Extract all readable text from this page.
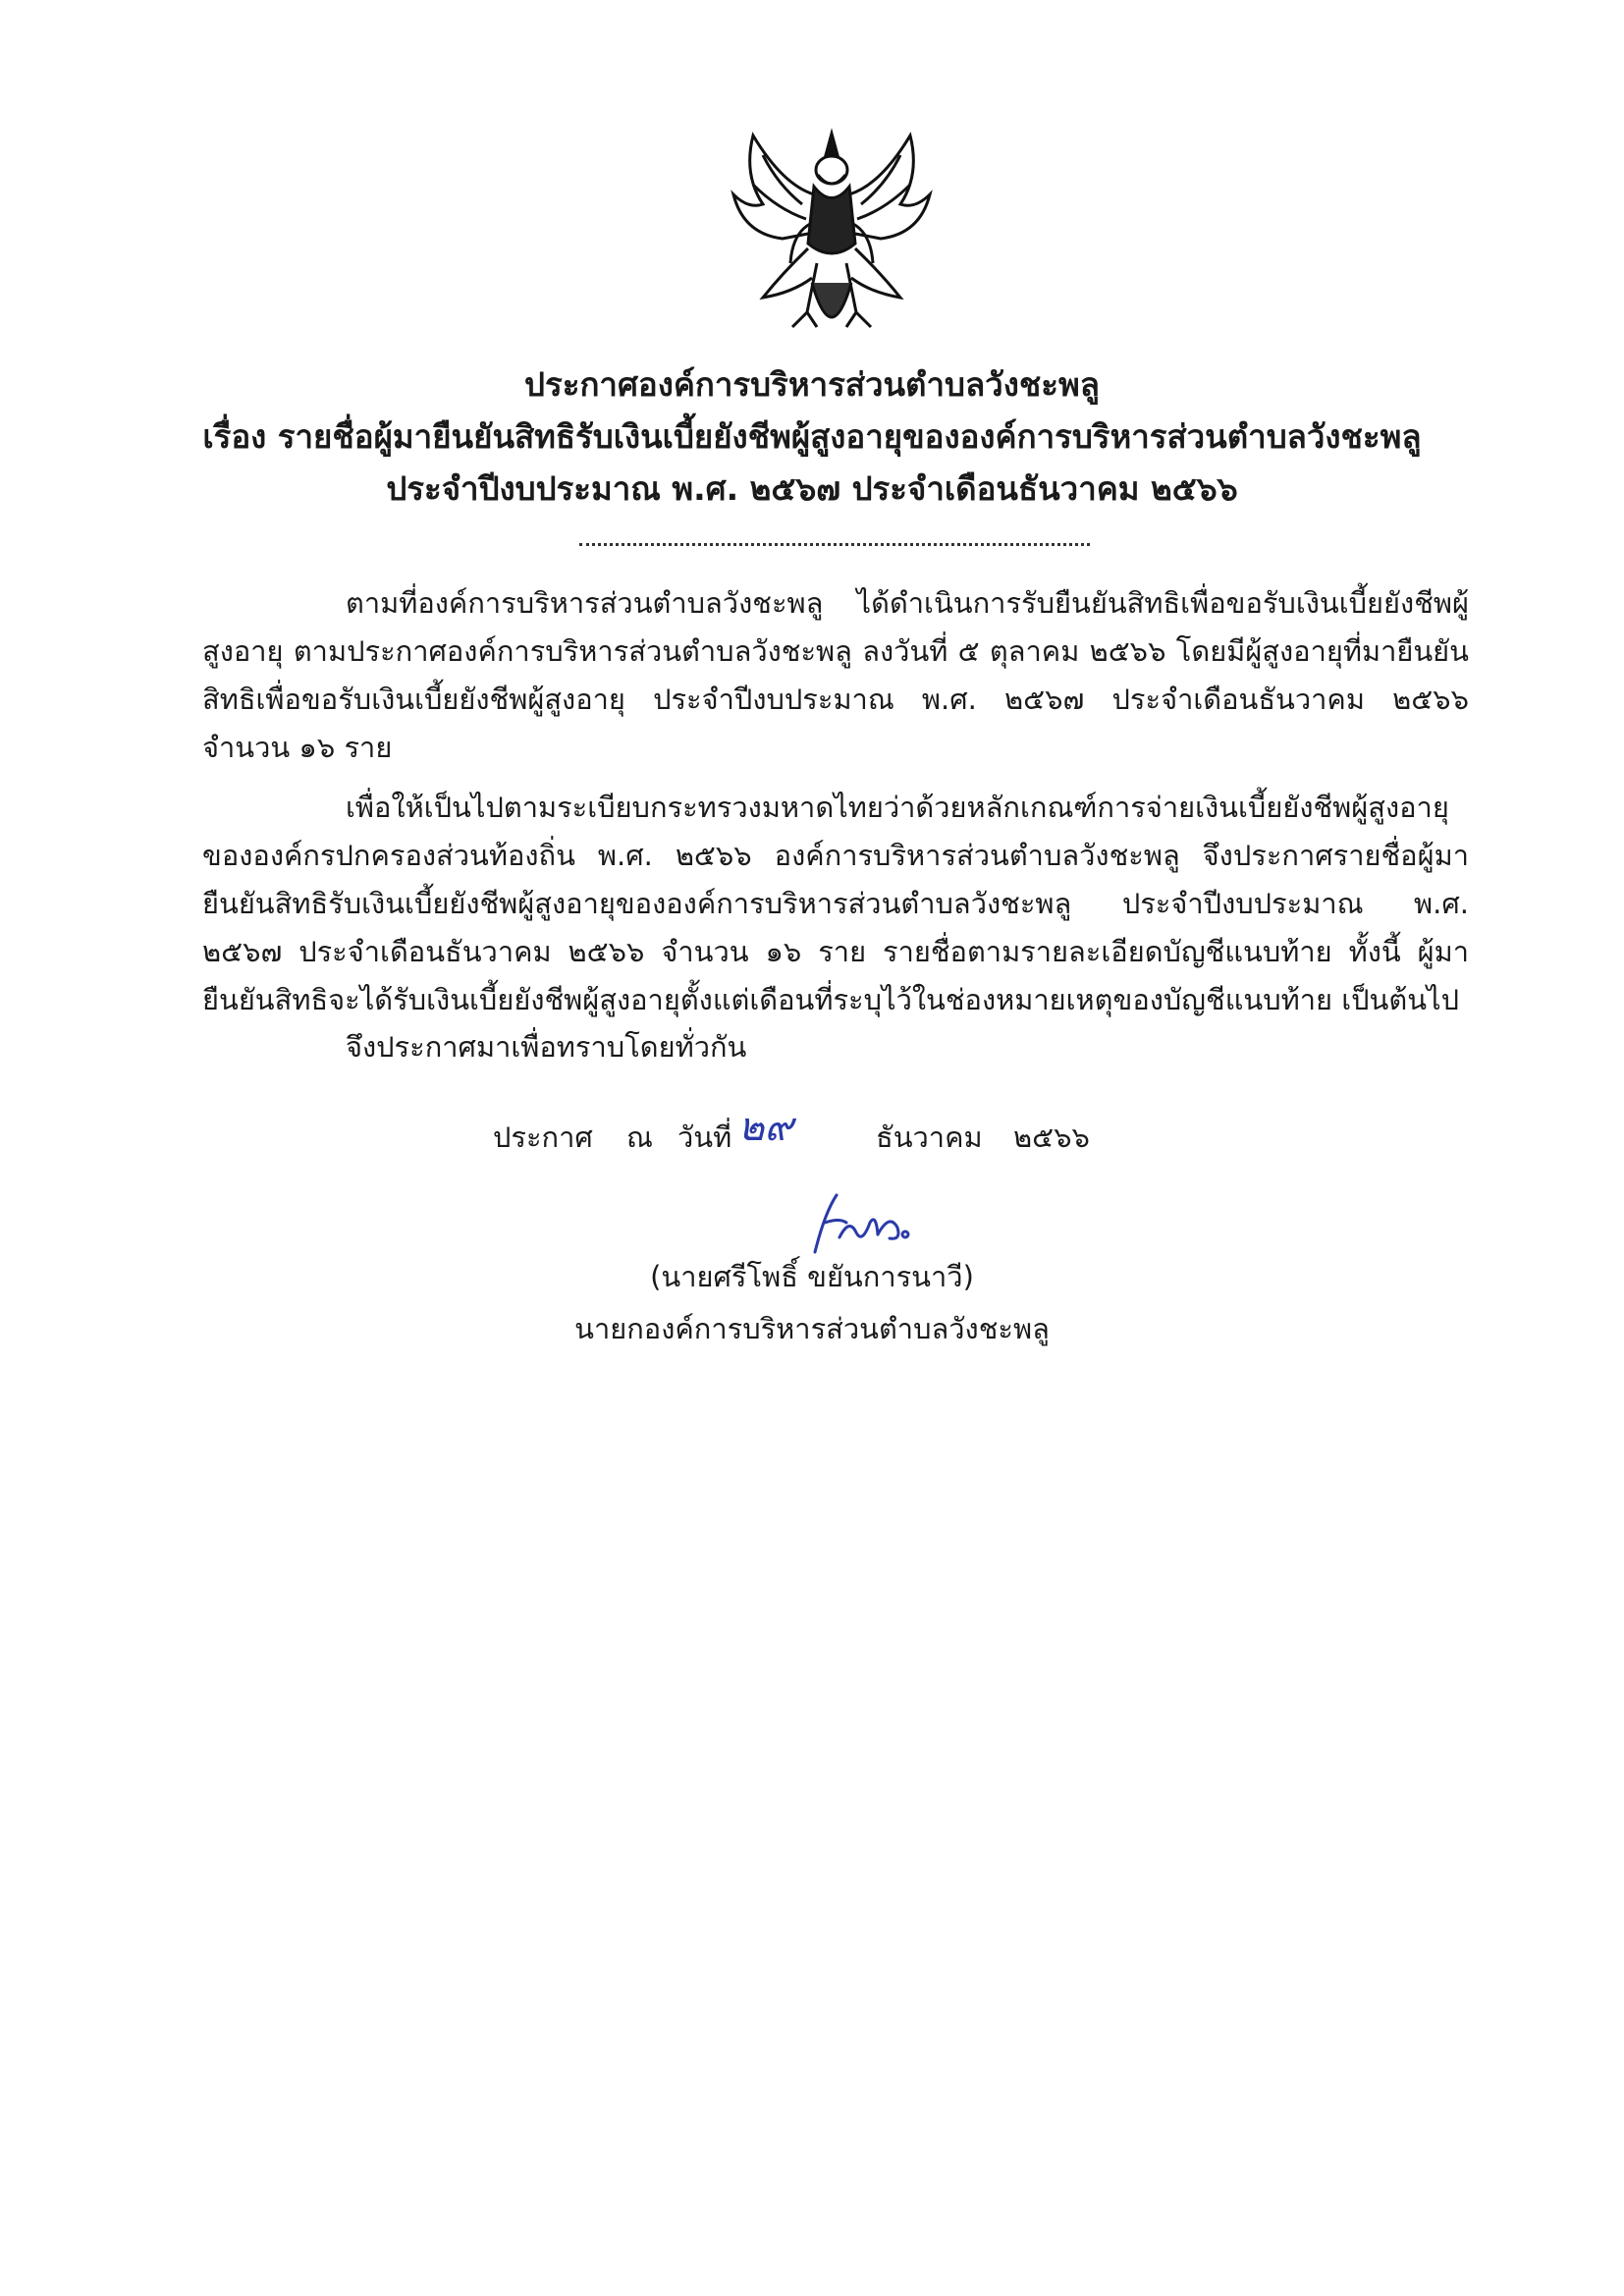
ประกาศองค์การบริหารส่วนตำบลวังชะพลู
เรื่อง รายชื่อผู้มายืนยันสิทธิรับเงินเบี้ยยังชีพผู้สูงอายุขององค์การบริหารส่วนตำบลวังชะพลู
ประจำปีงบประมาณ พ.ศ. ๒๕๖๗ ประจำเดือนธันวาคม ๒๕๖๖

ตามที่องค์การบริหารส่วนตำบลวังชะพลู ได้ดำเนินการรับยืนยันสิทธิเพื่อขอรับเงินเบี้ยยังชีพผู้สูงอายุ ตามประกาศองค์การบริหารส่วนตำบลวังชะพลู ลงวันที่ ๕ ตุลาคม ๒๕๖๖ โดยมีผู้สูงอายุที่มายืนยันสิทธิเพื่อขอรับเงินเบี้ยยังชีพผู้สูงอายุ ประจำปีงบประมาณ พ.ศ. ๒๕๖๗ ประจำเดือนธันวาคม ๒๕๖๖ จำนวน ๑๖ ราย

เพื่อให้เป็นไปตามระเบียบกระทรวงมหาดไทยว่าด้วยหลักเกณฑ์การจ่ายเงินเบี้ยยังชีพผู้สูงอายุขององค์กรปกครองส่วนท้องถิ่น พ.ศ. ๒๕๖๖ องค์การบริหารส่วนตำบลวังชะพลู จึงประกาศรายชื่อผู้มายืนยันสิทธิรับเงินเบี้ยยังชีพผู้สูงอายุขององค์การบริหารส่วนตำบลวังชะพลู ประจำปีงบประมาณ พ.ศ. ๒๕๖๗ ประจำเดือนธันวาคม ๒๕๖๖ จำนวน ๑๖ ราย รายชื่อตามรายละเอียดบัญชีแนบท้าย ทั้งนี้ ผู้มายืนยันสิทธิจะได้รับเงินเบี้ยยังชีพผู้สูงอายุตั้งแต่เดือนที่ระบุไว้ในช่องหมายเหตุของบัญชีแนบท้าย เป็นต้นไป

จึงประกาศมาเพื่อทราบโดยทั่วกัน
ประกาศ ณ วันที่ ๒๙	ธันวาคม ๒๕๖๖
(นายศรีโพธิ์ ขยันการนาวี)
นายกองค์การบริหารส่วนตำบลวังชะพลู
